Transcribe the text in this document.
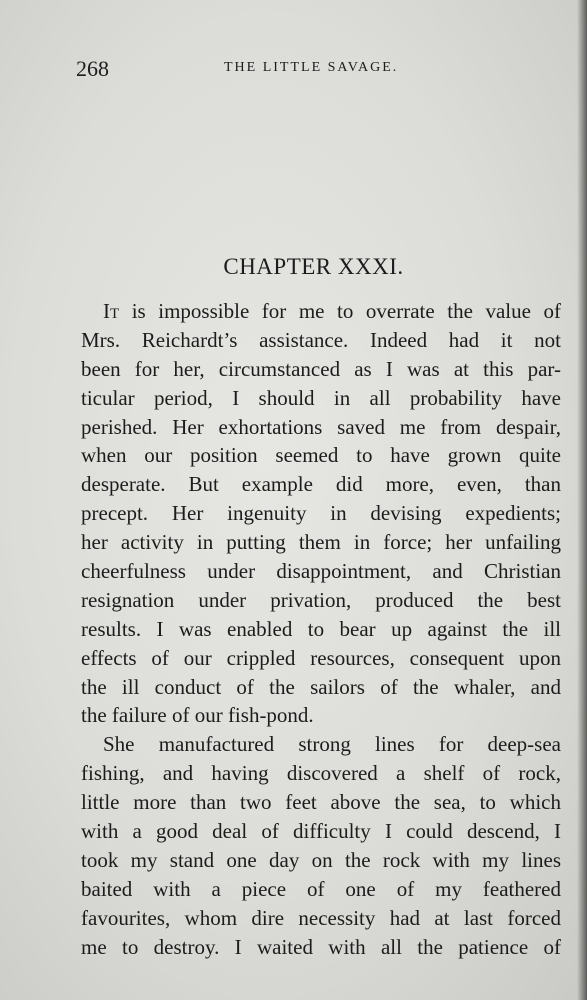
268	THE LITTLE SAVAGE.
CHAPTER XXXI.
It is impossible for me to overrate the value of
Mrs. Reichardt’s assistance. Indeed had it not
been for her, circumstanced as I was at this par-
ticular period, I should in all probability have
perished. Her exhortations saved me from despair,
when our position seemed to have grown quite
desperate. But example did more, even, than
precept. Her ingenuity in devising expedients;
her activity in putting them in force; her unfailing
cheerfulness under disappointment, and Christian
resignation under privation, produced the best
results. I was enabled to bear up against the ill
effects of our crippled resources, consequent upon
the ill conduct of the sailors of the whaler, and
the failure of our fish-pond.
She manufactured strong lines for deep-sea
fishing, and having discovered a shelf of rock,
little more than two feet above the sea, to which
with a good deal of difficulty I could descend, I
took my stand one day on the rock with my lines
baited with a piece of one of my feathered
favourites, whom dire necessity had at last forced
me to destroy. I waited with all the patience of
